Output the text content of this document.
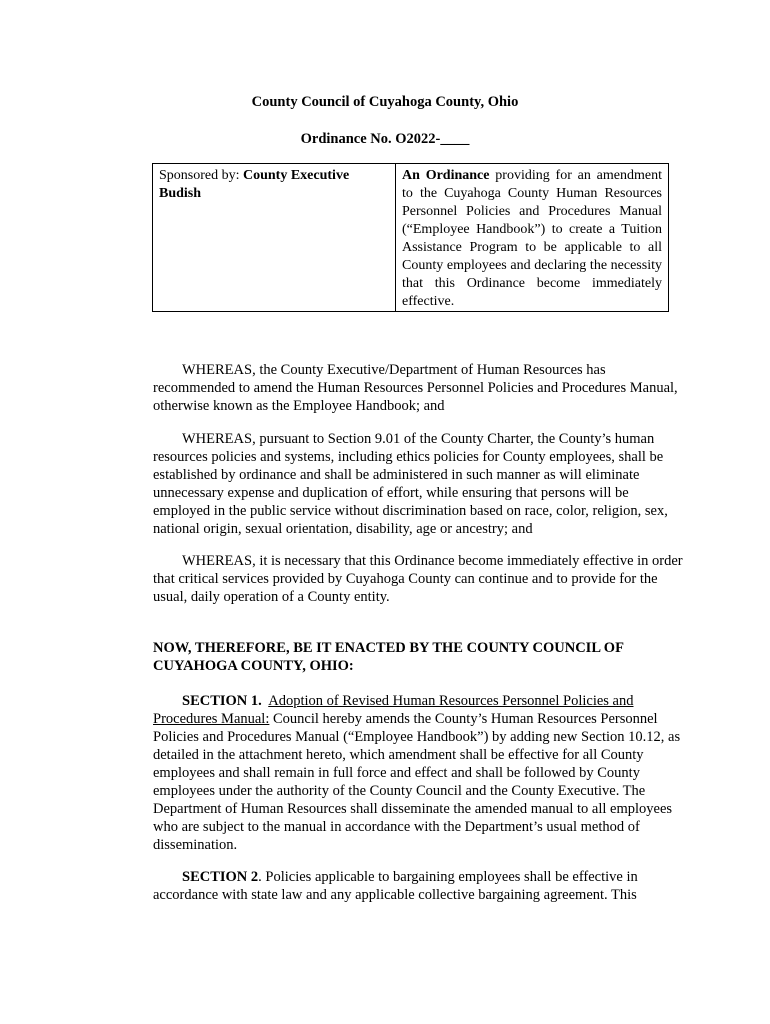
County Council of Cuyahoga County, Ohio
Ordinance No. O2022-____
Sponsored by: County Executive Budish	An Ordinance providing for an amendment to the Cuyahoga County Human Resources Personnel Policies and Procedures Manual (“Employee Handbook”) to create a Tuition Assistance Program to be applicable to all County employees and declaring the necessity that this Ordinance become immediately effective.

WHEREAS, the County Executive/Department of Human Resources has recommended to amend the Human Resources Personnel Policies and Procedures Manual, otherwise known as the Employee Handbook; and

WHEREAS, pursuant to Section 9.01 of the County Charter, the County’s human resources policies and systems, including ethics policies for County employees, shall be established by ordinance and shall be administered in such manner as will eliminate unnecessary expense and duplication of effort, while ensuring that persons will be employed in the public service without discrimination based on race, color, religion, sex, national origin, sexual orientation, disability, age or ancestry; and

WHEREAS, it is necessary that this Ordinance become immediately effective in order that critical services provided by Cuyahoga County can continue and to provide for the usual, daily operation of a County entity.

NOW, THEREFORE, BE IT ENACTED BY THE COUNTY COUNCIL OF CUYAHOGA COUNTY, OHIO:

SECTION 1. Adoption of Revised Human Resources Personnel Policies and Procedures Manual: Council hereby amends the County’s Human Resources Personnel Policies and Procedures Manual (“Employee Handbook”) by adding new Section 10.12, as detailed in the attachment hereto, which amendment shall be effective for all County employees and shall remain in full force and effect and shall be followed by County employees under the authority of the County Council and the County Executive. The Department of Human Resources shall disseminate the amended manual to all employees who are subject to the manual in accordance with the Department’s usual method of dissemination.

SECTION 2. Policies applicable to bargaining employees shall be effective in accordance with state law and any applicable collective bargaining agreement. This
